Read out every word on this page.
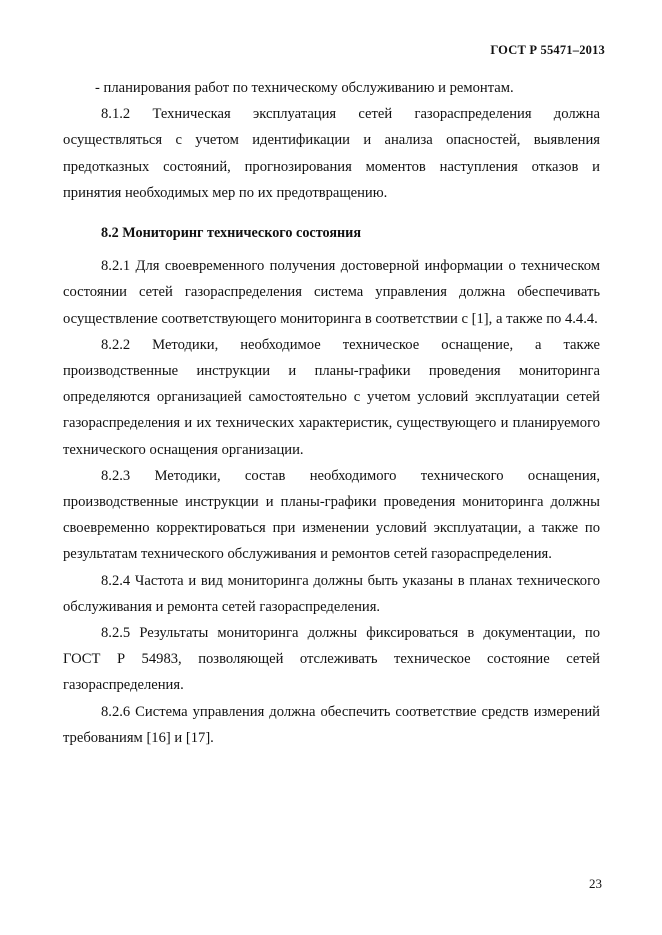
ГОСТ Р 55471–2013

- планирования работ по техническому обслуживанию и ремонтам.

8.1.2 Техническая эксплуатация сетей газораспределения должна осуществляться с учетом идентификации и анализа опасностей, выявления предотказных состояний, прогнозирования моментов наступления отказов и принятия необходимых мер по их предотвращению.

8.2 Мониторинг технического состояния

8.2.1 Для своевременного получения достоверной информации о техническом состоянии сетей газораспределения система управления должна обеспечивать осуществление соответствующего мониторинга в соответствии с [1], а также по 4.4.4.

8.2.2 Методики, необходимое техническое оснащение, а также производственные инструкции и планы-графики проведения мониторинга определяются организацией самостоятельно с учетом условий эксплуатации сетей газораспределения и их технических характеристик, существующего и планируемого технического оснащения организации.

8.2.3 Методики, состав необходимого технического оснащения, производственные инструкции и планы-графики проведения мониторинга должны своевременно корректироваться при изменении условий эксплуатации, а также по результатам технического обслуживания и ремонтов сетей газораспределения.

8.2.4 Частота и вид мониторинга должны быть указаны в планах технического обслуживания и ремонта сетей газораспределения.

8.2.5 Результаты мониторинга должны фиксироваться в документации, по ГОСТ Р 54983, позволяющей отслеживать техническое состояние сетей газораспределения.

8.2.6 Система управления должна обеспечить соответствие средств измерений требованиям [16] и [17].

23
